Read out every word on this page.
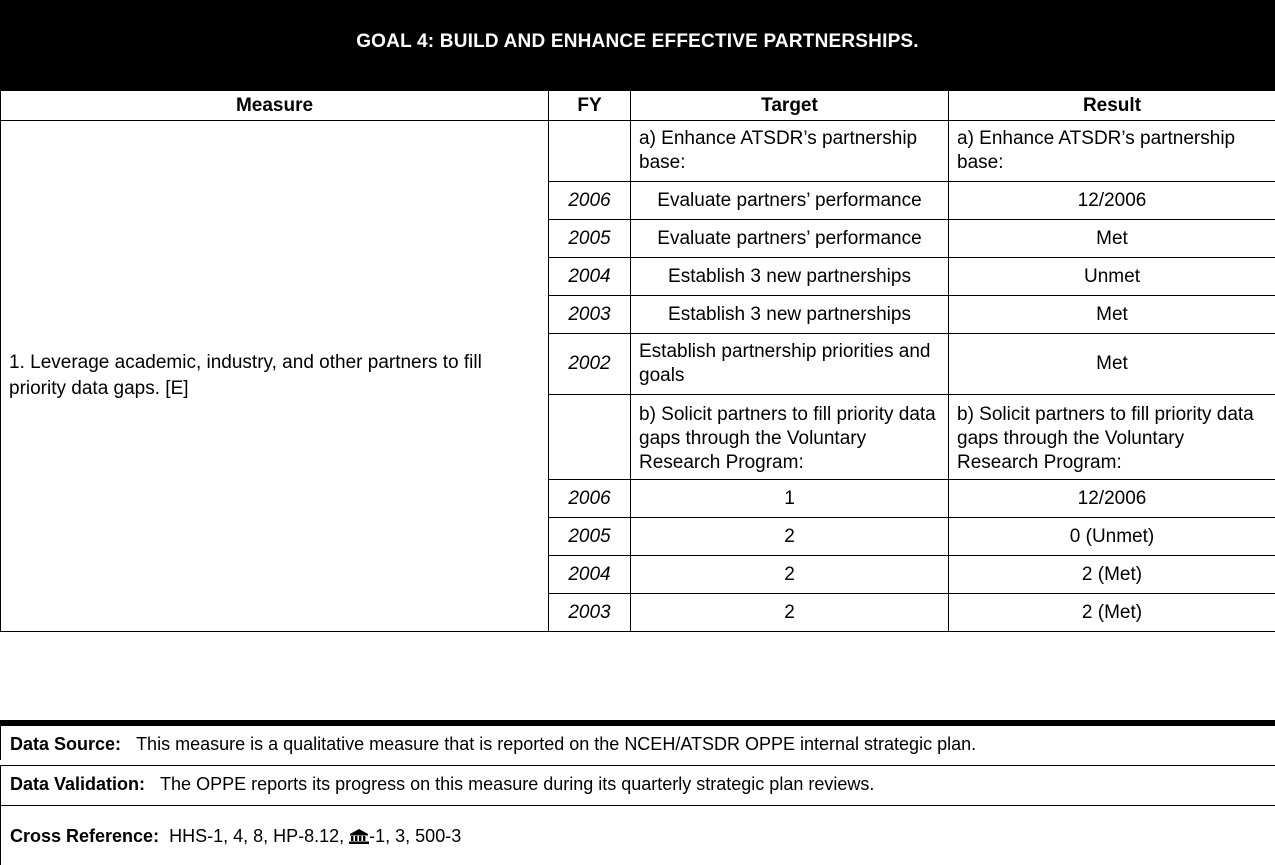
GOAL 4: BUILD AND ENHANCE EFFECTIVE PARTNERSHIPS.
Measure	FY	Target	Result
1. Leverage academic, industry, and other partners to fill priority data gaps. [E]		a) Enhance ATSDR’s partnership base:	a) Enhance ATSDR’s partnership base:
	2006	Evaluate partners’ performance	12/2006
	2005	Evaluate partners’ performance	Met
	2004	Establish 3 new partnerships	Unmet
	2003	Establish 3 new partnerships	Met
	2002	Establish partnership priorities and goals	Met
		b) Solicit partners to fill priority data gaps through the Voluntary Research Program:	b) Solicit partners to fill priority data gaps through the Voluntary Research Program:
	2006	1	12/2006
	2005	2	0 (Unmet)
	2004	2	2 (Met)
	2003	2	2 (Met)
Data Source: This measure is a qualitative measure that is reported on the NCEH/ATSDR OPPE internal strategic plan.
Data Validation: The OPPE reports its progress on this measure during its quarterly strategic plan reviews.
Cross Reference: HHS-1, 4, 8, HP-8.12, -1, 3, 500-3
